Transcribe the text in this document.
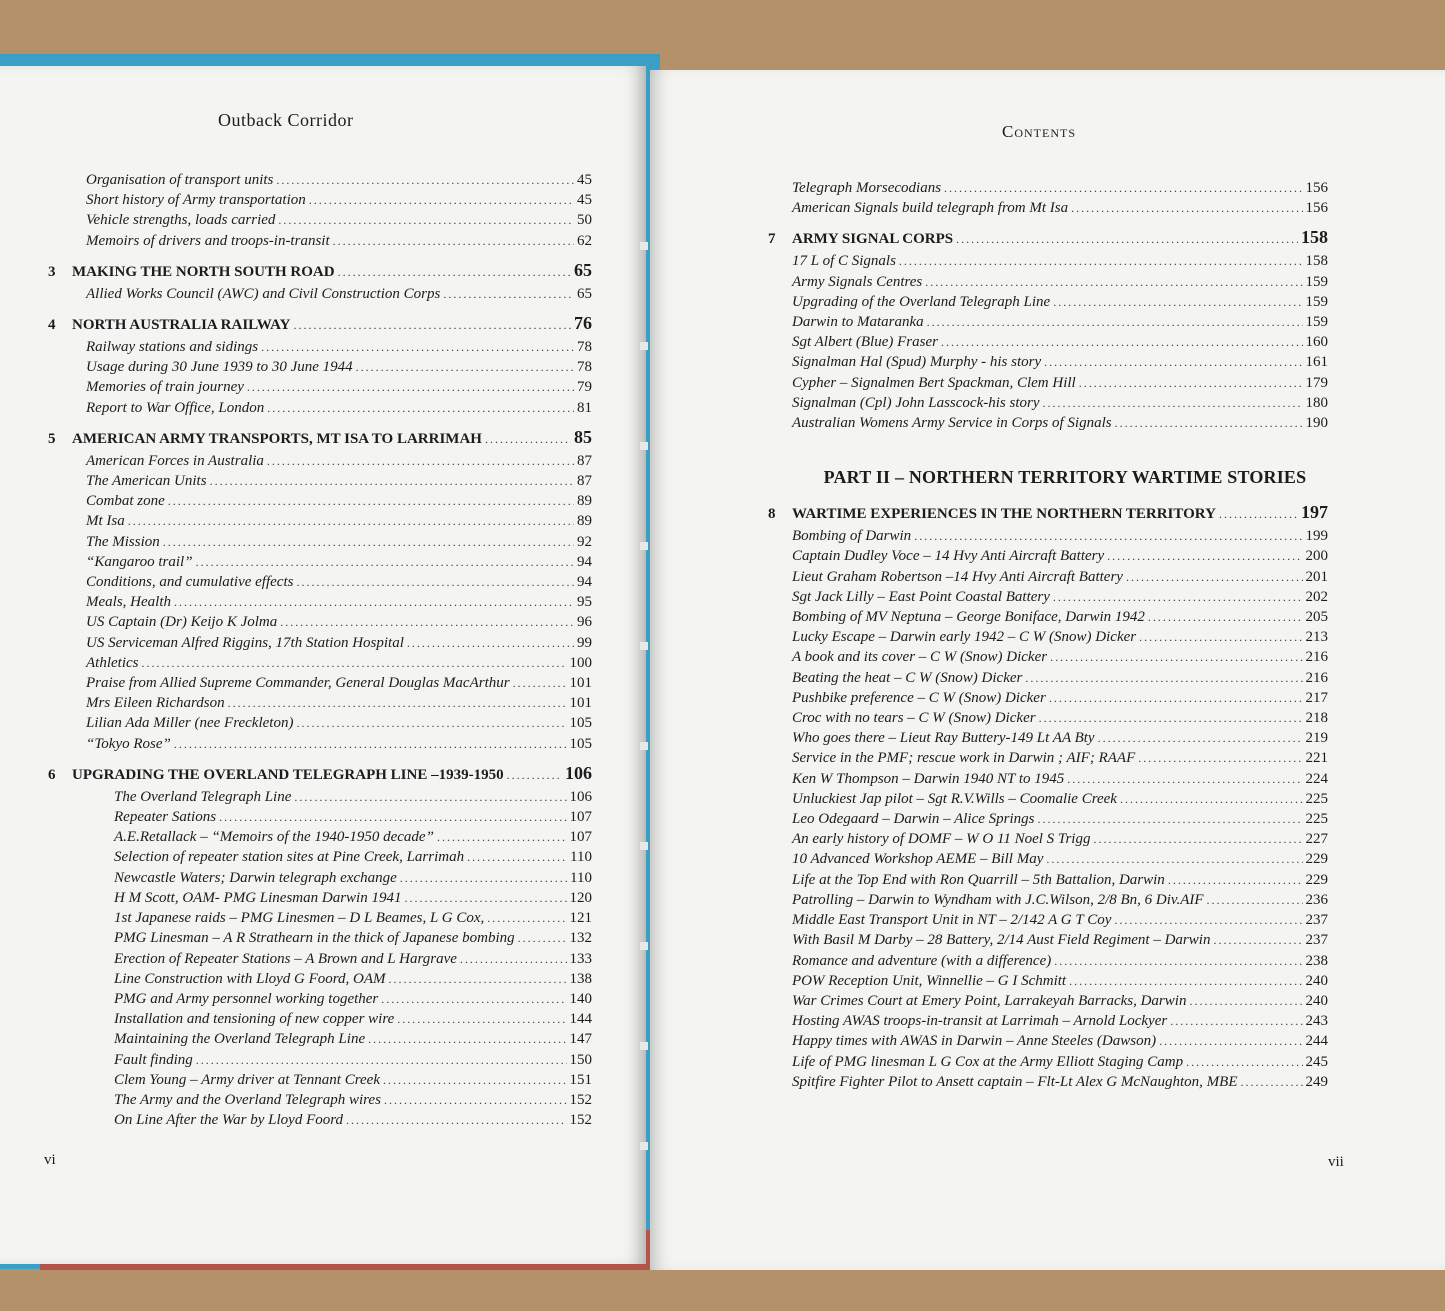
Outback Corridor
Organisation of transport units .....	45
Short history of Army transportation .....	45
Vehicle strengths, loads carried .....	50
Memoirs of drivers and troops-in-transit .....	62
3	MAKING THE NORTH SOUTH ROAD .....	65
Allied Works Council (AWC) and Civil Construction Corps .....	65
4	NORTH AUSTRALIA RAILWAY .....	76
Railway stations and sidings .....	78
Usage during 30 June 1939 to 30 June 1944 .....	78
Memories of train journey .....	79
Report to War Office, London .....	81
5	AMERICAN ARMY TRANSPORTS, MT ISA TO LARRIMAH .....	85
American Forces in Australia .....	87
The American Units .....	87
Combat zone .....	89
Mt Isa .....	89
The Mission .....	92
“Kangaroo trail” .....	94
Conditions, and cumulative effects .....	94
Meals, Health .....	95
US Captain (Dr) Keijo K Jolma .....	96
US Serviceman Alfred Riggins, 17th Station Hospital .....	99
Athletics .....	100
Praise from Allied Supreme Commander, General Douglas MacArthur .....	101
Mrs Eileen Richardson .....	101
Lilian Ada Miller (nee Freckleton) .....	105
“Tokyo Rose” .....	105
6	UPGRADING THE OVERLAND TELEGRAPH LINE –1939-1950 .....	106
The Overland Telegraph Line .....	106
Repeater Sations .....	107
A.E.Retallack – “Memoirs of the 1940-1950 decade” .....	107
Selection of repeater station sites at Pine Creek, Larrimah .....	110
Newcastle Waters; Darwin telegraph exchange .....	110
H M Scott, OAM- PMG Linesman Darwin 1941 .....	120
1st Japanese raids – PMG Linesmen – D L Beames, L G Cox, .....	121
PMG Linesman – A R Strathearn in the thick of Japanese bombing .....	132
Erection of Repeater Stations – A Brown and L Hargrave .....	133
Line Construction with Lloyd G Foord, OAM .....	138
PMG and Army personnel working together .....	140
Installation and tensioning of new copper wire .....	144
Maintaining the Overland Telegraph Line .....	147
Fault finding .....	150
Clem Young – Army driver at Tennant Creek .....	151
The Army and the Overland Telegraph wires .....	152
On Line After the War by Lloyd Foord .....	152
vi
Contents
Telegraph Morsecodians .....	156
American Signals build telegraph from Mt Isa .....	156
7	ARMY SIGNAL CORPS .....	158
17 L of C Signals .....	158
Army Signals Centres .....	159
Upgrading of the Overland Telegraph Line .....	159
Darwin to Mataranka .....	159
Sgt Albert (Blue) Fraser .....	160
Signalman Hal (Spud) Murphy - his story .....	161
Cypher – Signalmen Bert Spackman, Clem Hill .....	179
Signalman (Cpl) John Lasscock-his story .....	180
Australian Womens Army Service in Corps of Signals .....	190
PART II – NORTHERN TERRITORY WARTIME STORIES
8	WARTIME EXPERIENCES IN THE NORTHERN TERRITORY .....	197
Bombing of Darwin .....	199
Captain Dudley Voce – 14 Hvy Anti Aircraft Battery .....	200
Lieut Graham Robertson –14 Hvy Anti Aircraft Battery .....	201
Sgt Jack Lilly – East Point Coastal Battery .....	202
Bombing of MV Neptuna – George Boniface, Darwin 1942 .....	205
Lucky Escape – Darwin early 1942 – C W (Snow) Dicker .....	213
A book and its cover – C W (Snow) Dicker .....	216
Beating the heat – C W (Snow) Dicker .....	216
Pushbike preference – C W (Snow) Dicker .....	217
Croc with no tears – C W (Snow) Dicker .....	218
Who goes there – Lieut Ray Buttery-149 Lt AA Bty .....	219
Service in the PMF; rescue work in Darwin ; AIF; RAAF .....	221
Ken W Thompson – Darwin 1940 NT to 1945 .....	224
Unluckiest Jap pilot – Sgt R.V.Wills – Coomalie Creek .....	225
Leo Odegaard – Darwin – Alice Springs .....	225
An early history of DOMF – W O 11 Noel S Trigg .....	227
10 Advanced Workshop AEME – Bill May .....	229
Life at the Top End with Ron Quarrill – 5th Battalion, Darwin .....	229
Patrolling – Darwin to Wyndham with J.C.Wilson, 2/8 Bn, 6 Div.AIF .....	236
Middle East Transport Unit in NT – 2/142 A G T Coy .....	237
With Basil M Darby – 28 Battery, 2/14 Aust Field Regiment – Darwin .....	237
Romance and adventure (with a difference) .....	238
POW Reception Unit, Winnellie – G I Schmitt .....	240
War Crimes Court at Emery Point, Larrakeyah Barracks, Darwin .....	240
Hosting AWAS troops-in-transit at Larrimah – Arnold Lockyer .....	243
Happy times with AWAS in Darwin – Anne Steeles (Dawson) .....	244
Life of PMG linesman L G Cox at the Army Elliott Staging Camp .....	245
Spitfire Fighter Pilot to Ansett captain – Flt-Lt Alex G McNaughton, MBE .....	249
vii
